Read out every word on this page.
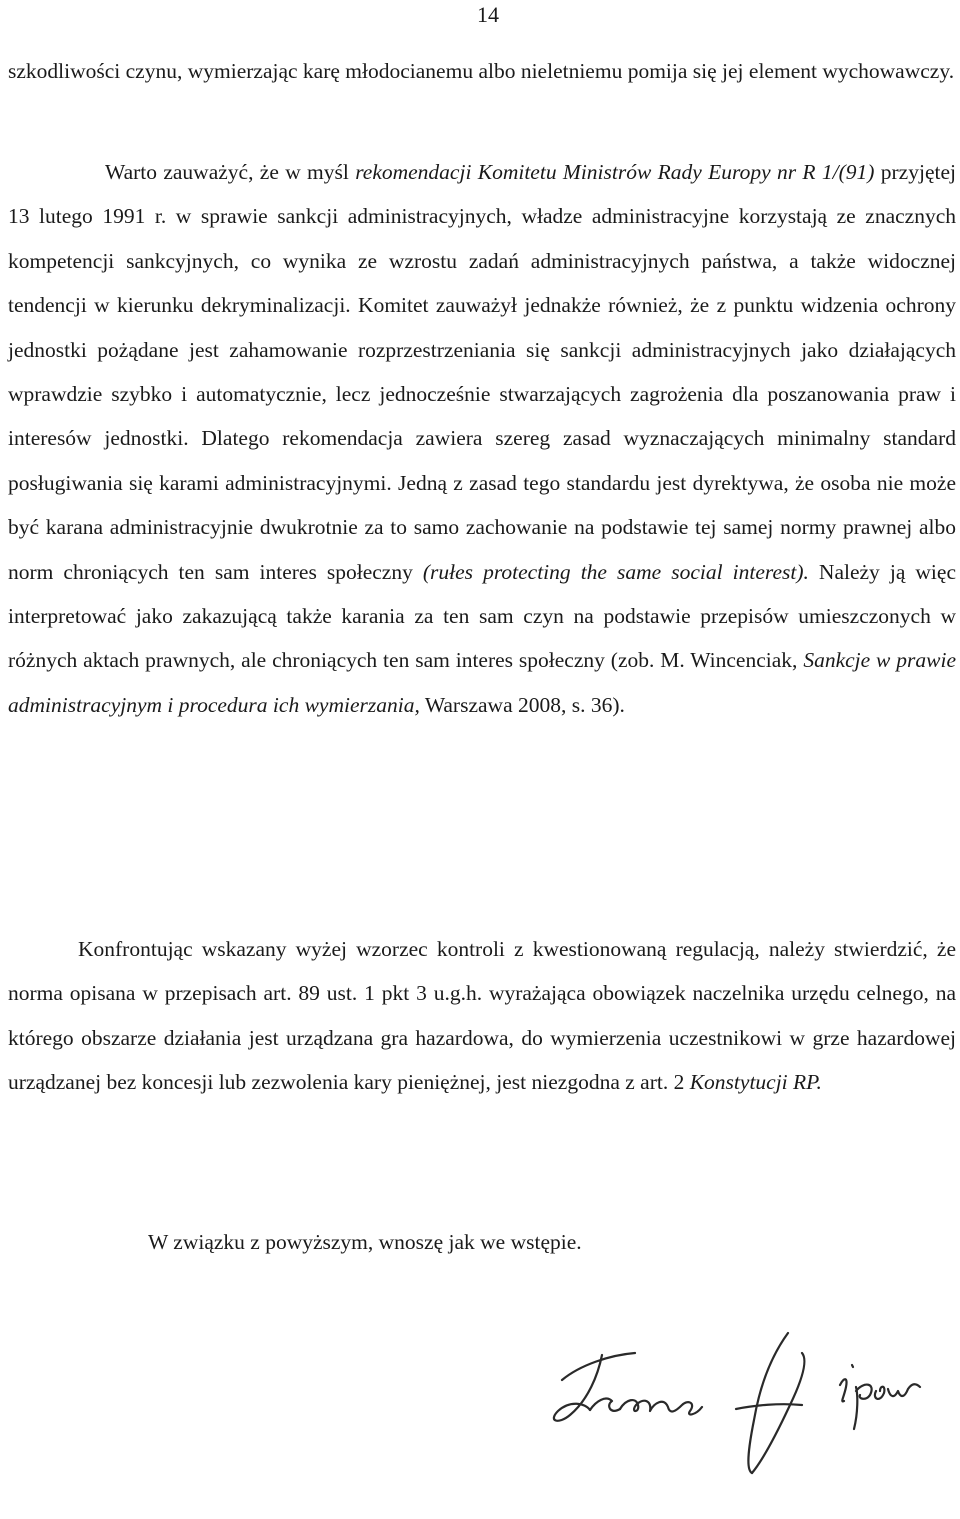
14

szkodliwości czynu, wymierzając karę młodocianemu albo nieletniemu pomija się jej element wychowawczy.

Warto zauważyć, że w myśl rekomendacji Komitetu Ministrów Rady Europy nr R 1/(91) przyjętej 13 lutego 1991 r. w sprawie sankcji administracyjnych, władze administracyjne korzystają ze znacznych kompetencji sankcyjnych, co wynika ze wzrostu zadań administracyjnych państwa, a także widocznej tendencji w kierunku dekryminalizacji. Komitet zauważył jednakże również, że z punktu widzenia ochrony jednostki pożądane jest zahamowanie rozprzestrzeniania się sankcji administracyjnych jako działających wprawdzie szybko i automatycznie, lecz jednocześnie stwarzających zagrożenia dla poszanowania praw i interesów jednostki. Dlatego rekomendacja zawiera szereg zasad wyznaczających minimalny standard posługiwania się karami administracyjnymi. Jedną z zasad tego standardu jest dyrektywa, że osoba nie może być karana administracyjnie dwukrotnie za to samo zachowanie na podstawie tej samej normy prawnej albo norm chroniących ten sam interes społeczny (rułes protecting the same social interest). Należy ją więc interpretować jako zakazującą także karania za ten sam czyn na podstawie przepisów umieszczonych w różnych aktach prawnych, ale chroniących ten sam interes społeczny (zob. M. Wincenciak, Sankcje w prawie administracyjnym i procedura ich wymierzania, Warszawa 2008, s. 36).

Konfrontując wskazany wyżej wzorzec kontroli z kwestionowaną regulacją, należy stwierdzić, że norma opisana w przepisach art. 89 ust. 1 pkt 3 u.g.h. wyrażająca obowiązek naczelnika urzędu celnego, na którego obszarze działania jest urządzana gra hazardowa, do wymierzenia uczestnikowi w grze hazardowej urządzanej bez koncesji lub zezwolenia kary pieniężnej, jest niezgodna z art. 2 Konstytucji RP.

W związku z powyższym, wnoszę jak we wstępie.
